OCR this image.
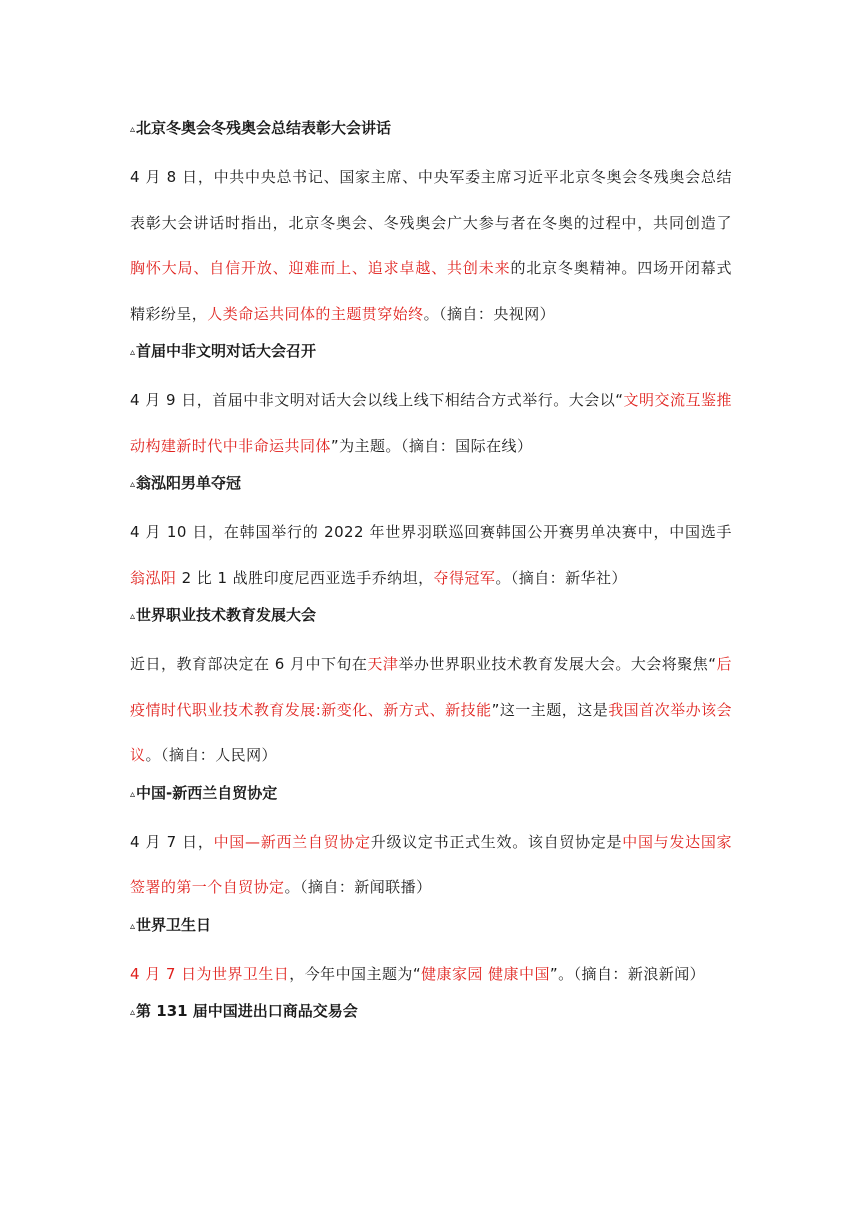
▵北京冬奥会冬残奥会总结表彰大会讲话

4 月 8 日，中共中央总书记、国家主席、中央军委主席习近平北京冬奥会冬残奥会总结表彰大会讲话时指出，北京冬奥会、冬残奥会广大参与者在冬奥的过程中，共同创造了胸怀大局、自信开放、迎难而上、追求卓越、共创未来的北京冬奥精神。四场开闭幕式精彩纷呈，人类命运共同体的主题贯穿始终。（摘自：央视网）

▵首届中非文明对话大会召开

4 月 9 日，首届中非文明对话大会以线上线下相结合方式举行。大会以“文明交流互鉴推动构建新时代中非命运共同体”为主题。（摘自：国际在线）

▵翁泓阳男单夺冠

4 月 10 日，在韩国举行的 2022 年世界羽联巡回赛韩国公开赛男单决赛中，中国选手翁泓阳 2 比 1 战胜印度尼西亚选手乔纳坦，夺得冠军。（摘自：新华社）

▵世界职业技术教育发展大会

近日，教育部决定在 6 月中下旬在天津举办世界职业技术教育发展大会。大会将聚焦“后疫情时代职业技术教育发展:新变化、新方式、新技能”这一主题，这是我国首次举办该会议。（摘自：人民网）

▵中国-新西兰自贸协定

4 月 7 日，中国—新西兰自贸协定升级议定书正式生效。该自贸协定是中国与发达国家签署的第一个自贸协定。（摘自：新闻联播）

▵世界卫生日

4 月 7 日为世界卫生日，今年中国主题为“健康家园 健康中国”。（摘自：新浪新闻）

▵第 131 届中国进出口商品交易会
